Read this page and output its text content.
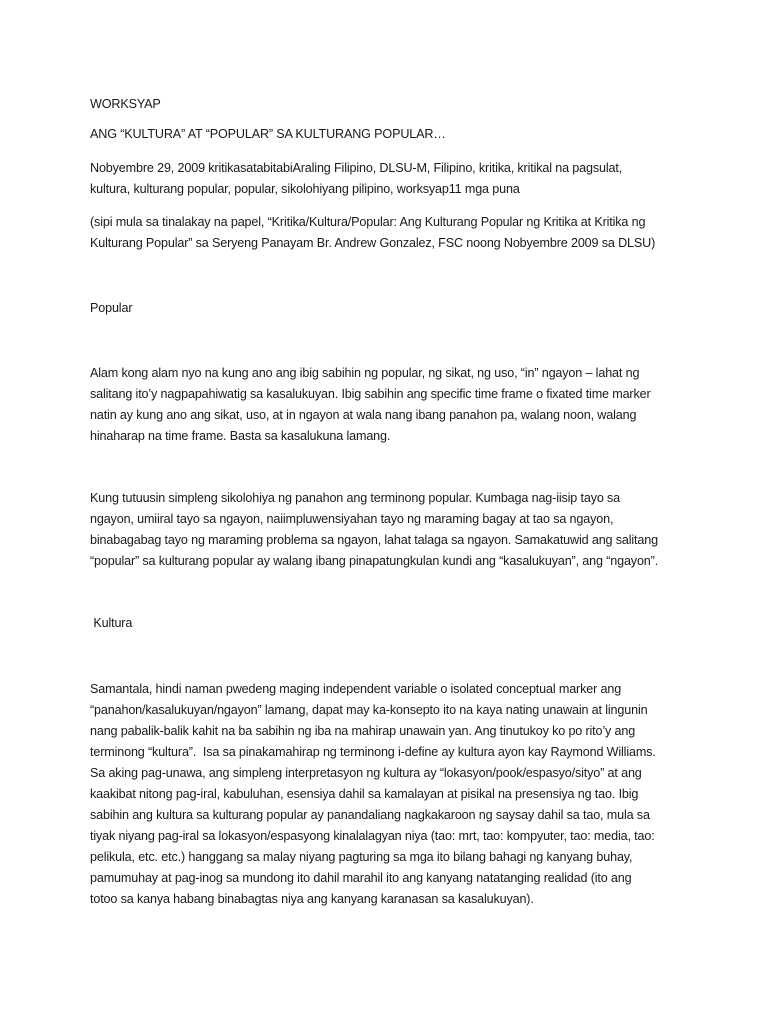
WORKSYAP
ANG “KULTURA” AT “POPULAR” SA KULTURANG POPULAR…
Nobyembre 29, 2009 kritikasatabitabiAraling Filipino, DLSU-M, Filipino, kritika, kritikal na pagsulat,
kultura, kulturang popular, popular, sikolohiyang pilipino, worksyap11 mga puna
(sipi mula sa tinalakay na papel, “Kritika/Kultura/Popular: Ang Kulturang Popular ng Kritika at Kritika ng
Kulturang Popular” sa Seryeng Panayam Br. Andrew Gonzalez, FSC noong Nobyembre 2009 sa DLSU)
Popular
Alam kong alam nyo na kung ano ang ibig sabihin ng popular, ng sikat, ng uso, “in” ngayon – lahat ng
salitang ito’y nagpapahiwatig sa kasalukuyan. Ibig sabihin ang specific time frame o fixated time marker
natin ay kung ano ang sikat, uso, at in ngayon at wala nang ibang panahon pa, walang noon, walang
hinaharap na time frame. Basta sa kasalukuna lamang.
Kung tutuusin simpleng sikolohiya ng panahon ang terminong popular. Kumbaga nag-iisip tayo sa
ngayon, umiiral tayo sa ngayon, naiimpluwensiyahan tayo ng maraming bagay at tao sa ngayon,
binabagabag tayo ng maraming problema sa ngayon, lahat talaga sa ngayon. Samakatuwid ang salitang
“popular” sa kulturang popular ay walang ibang pinapatungkulan kundi ang “kasalukuyan”, ang “ngayon”.
Kultura
Samantala, hindi naman pwedeng maging independent variable o isolated conceptual marker ang
“panahon/kasalukuyan/ngayon” lamang, dapat may ka-konsepto ito na kaya nating unawain at lingunin
nang pabalik-balik kahit na ba sabihin ng iba na mahirap unawain yan. Ang tinutukoy ko po rito’y ang
terminong “kultura”.  Isa sa pinakamahirap ng terminong i-define ay kultura ayon kay Raymond Williams.
Sa aking pag-unawa, ang simpleng interpretasyon ng kultura ay “lokasyon/pook/espasyo/sityo” at ang
kaakibat nitong pag-iral, kabuluhan, esensiya dahil sa kamalayan at pisikal na presensiya ng tao. Ibig
sabihin ang kultura sa kulturang popular ay panandaliang nagkakaroon ng saysay dahil sa tao, mula sa
tiyak niyang pag-iral sa lokasyon/espasyong kinalalagyan niya (tao: mrt, tao: kompyuter, tao: media, tao:
pelikula, etc. etc.) hanggang sa malay niyang pagturing sa mga ito bilang bahagi ng kanyang buhay,
pamumuhay at pag-inog sa mundong ito dahil marahil ito ang kanyang natatanging realidad (ito ang
totoo sa kanya habang binabagtas niya ang kanyang karanasan sa kasalukuyan).
